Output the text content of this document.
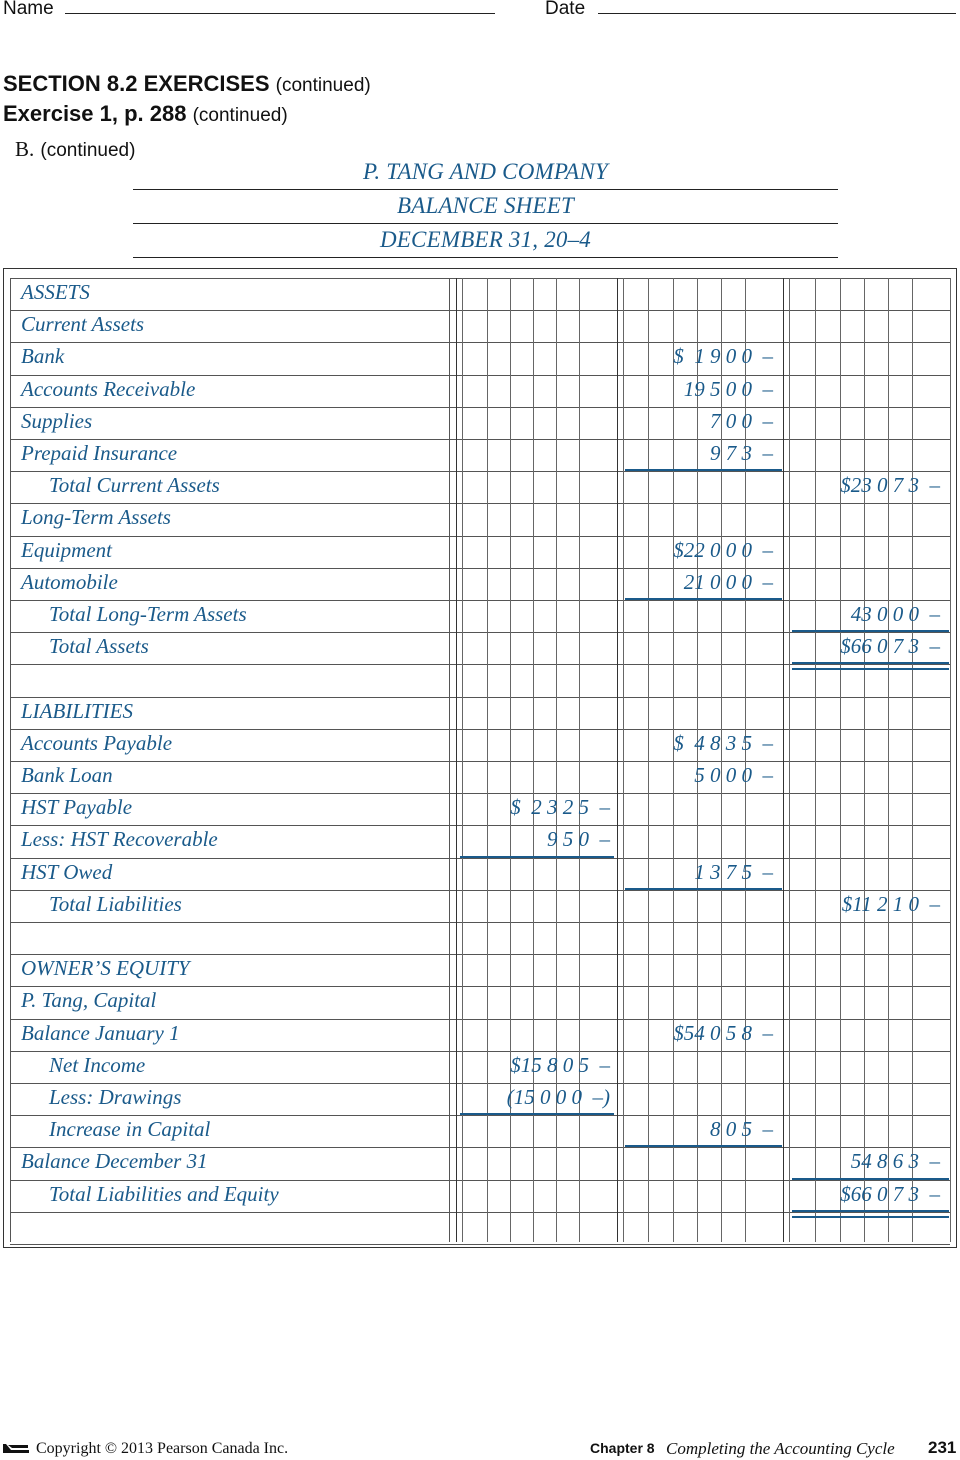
Name	Date
SECTION 8.2 EXERCISES (continued)
Exercise 1, p. 288 (continued)
B. (continued)
P. TANG AND COMPANY
BALANCE SHEET
DECEMBER 31, 20–4
ASSETS
Current Assets
Bank	$  1 9 0 0  –
Accounts Receivable	19 5 0 0  –
Supplies	7 0 0  –
Prepaid Insurance	9 7 3  –
Total Current Assets	$23 0 7 3  –
Long-Term Assets
Equipment	$22 0 0 0  –
Automobile	21 0 0 0  –
Total Long-Term Assets	43 0 0 0  –
Total Assets	$66 0 7 3  –
LIABILITIES
Accounts Payable	$  4 8 3 5  –
Bank Loan	5 0 0 0  –
HST Payable	$  2 3 2 5  –
Less: HST Recoverable	9 5 0  –
HST Owed	1 3 7 5  –
Total Liabilities	$11 2 1 0  –
OWNER’S EQUITY
P. Tang, Capital
Balance January 1	$54 0 5 8  –
Net Income	$15 8 0 5  –
Less: Drawings	(15 0 0 0  –)
Increase in Capital	8 0 5  –
Balance December 31	54 8 6 3  –
Total Liabilities and Equity	$66 0 7 3  –
Copyright © 2013 Pearson Canada Inc.	Chapter 8 Completing the Accounting Cycle 231
